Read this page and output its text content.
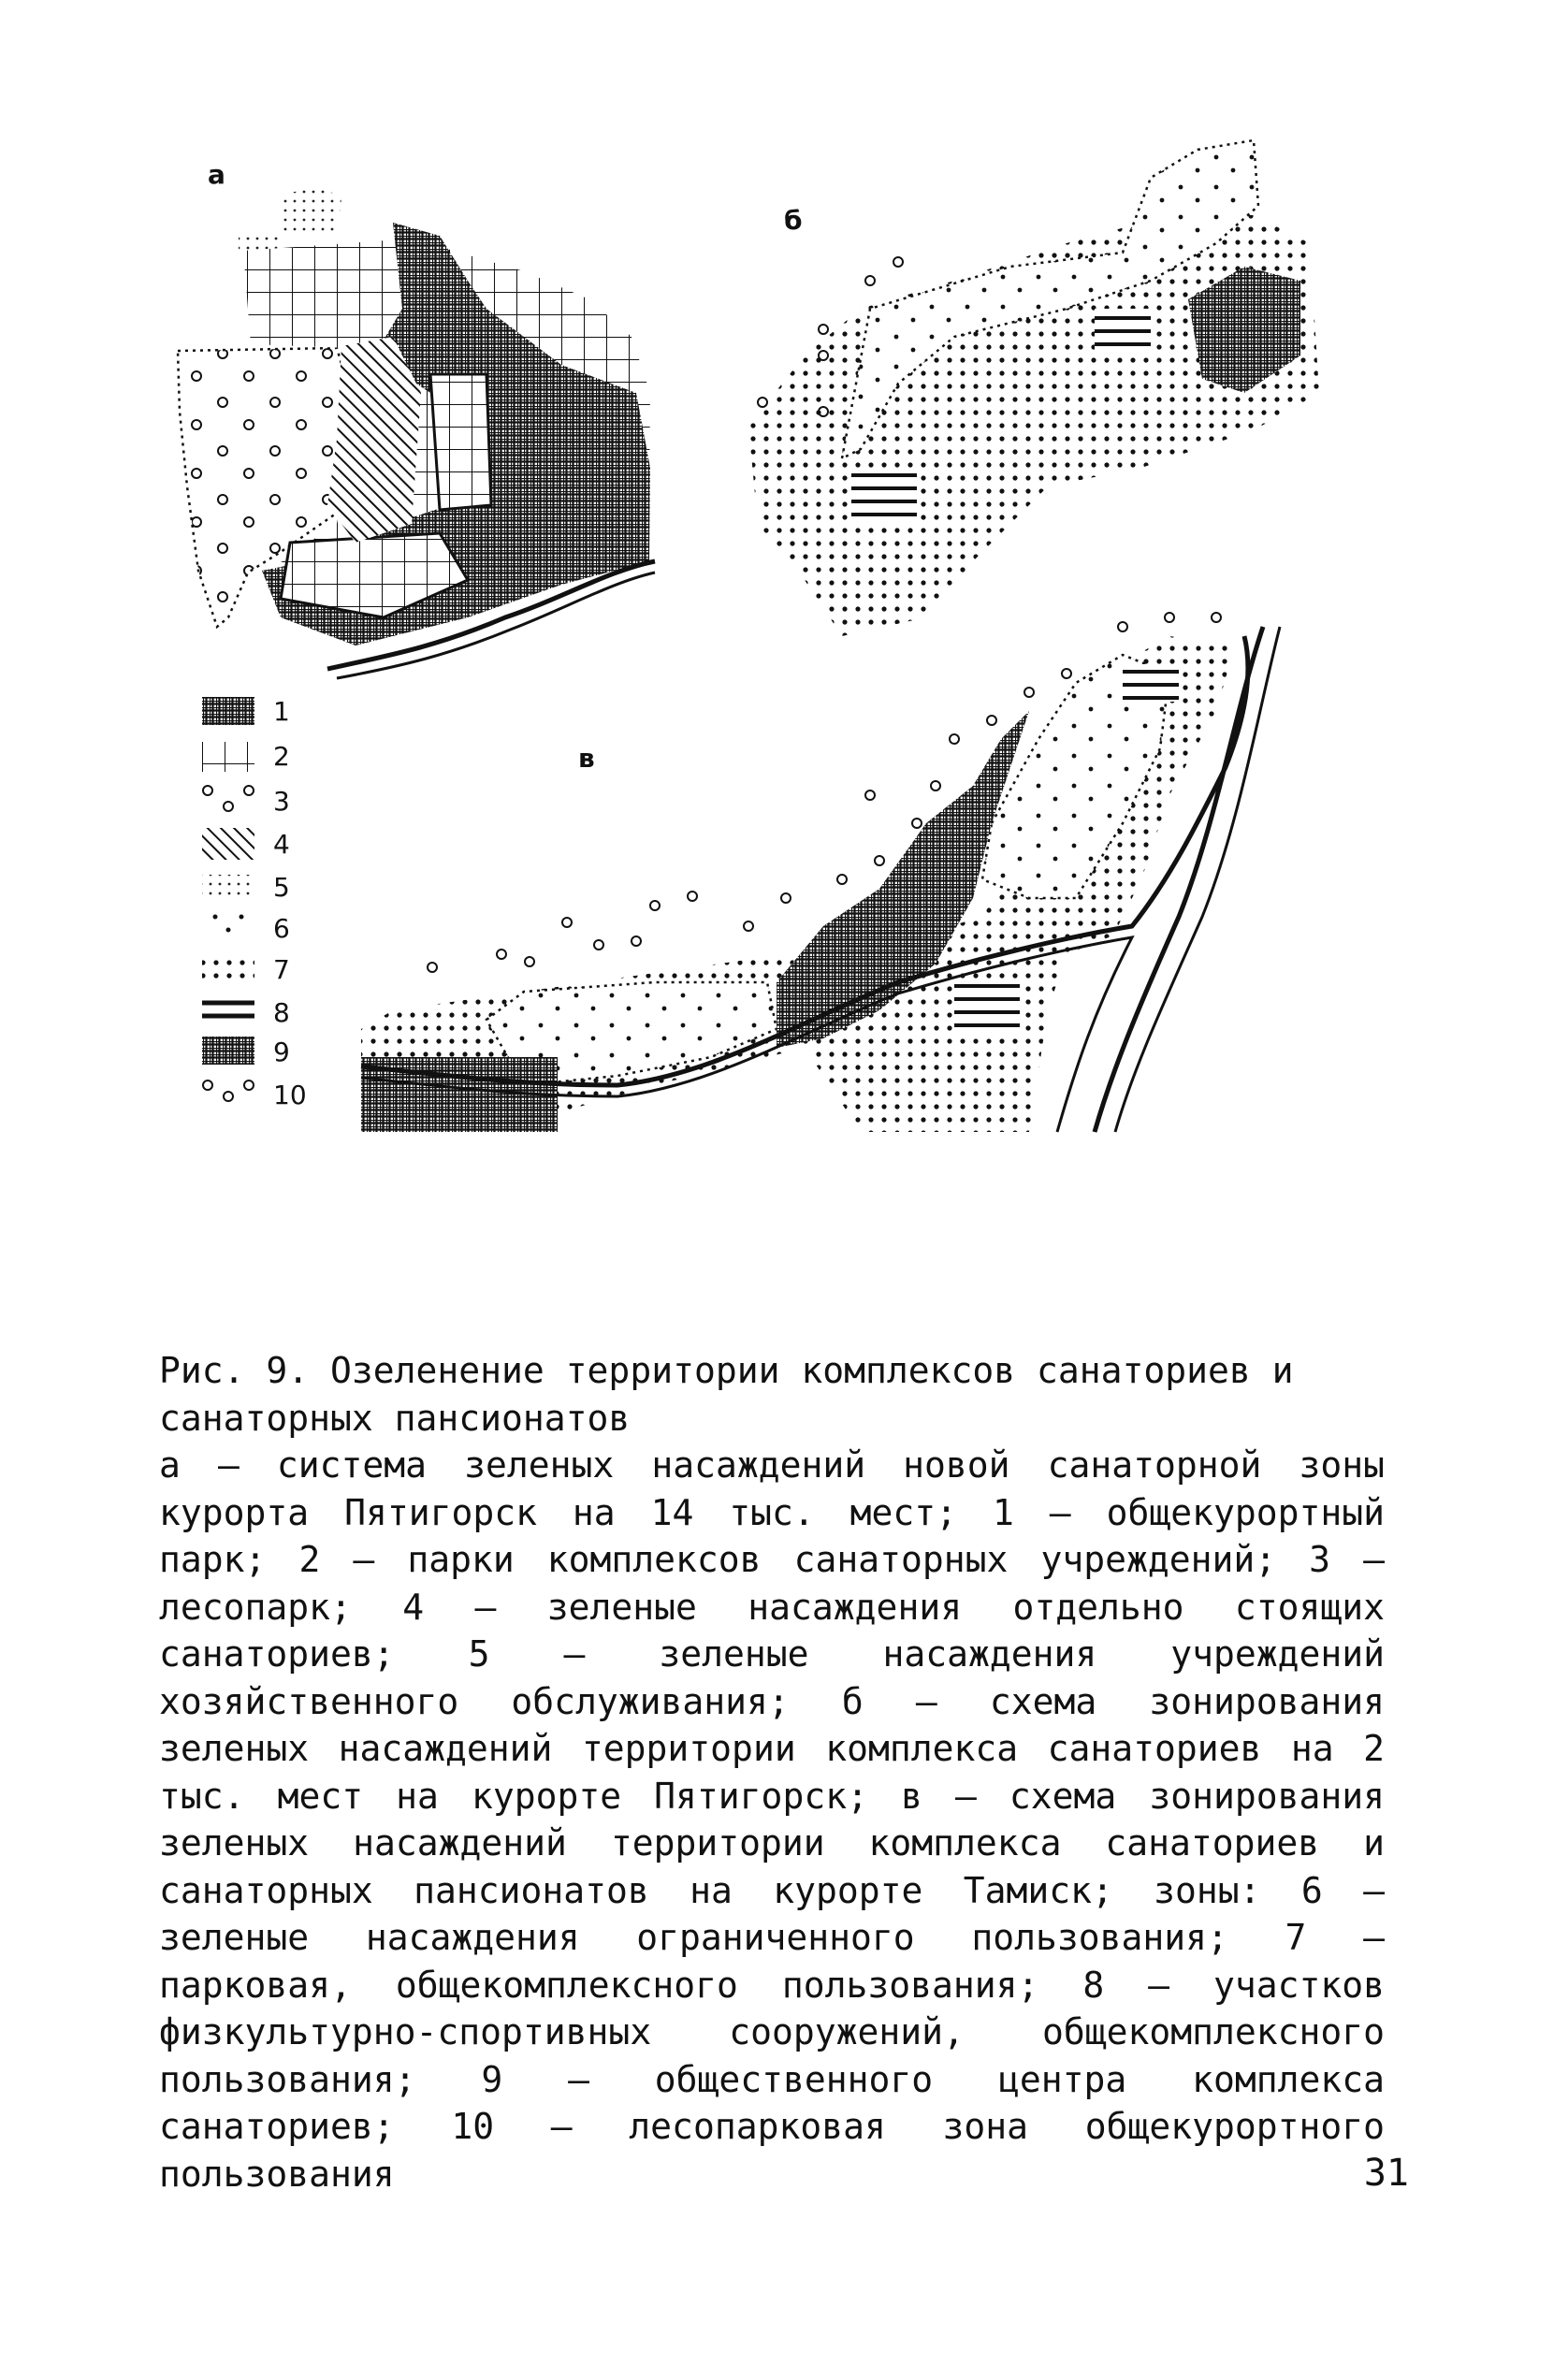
а
б
в
1
2
3
4
5
6
7
8
9
10

Рис. 9. Озеленение территории комплексов санаториев и санаторных пансионатов

а – система зеленых насаждений новой санаторной зоны курорта Пятигорск на 14 тыс. мест; 1 – общекурортный парк; 2 – парки комплексов санаторных учреждений; 3 – лесопарк; 4 – зеленые насаждения отдельно стоящих санаториев; 5 – зеленые насаждения учреждений хозяйственного обслуживания; б – схема зонирования зеленых насаждений территории комплекса санаториев на 2 тыс. мест на курорте Пятигорск; в – схема зонирования зеленых насаждений территории комплекса санаториев и санаторных пансионатов на курорте Тамиск; зоны: 6 – зеленые насаждения ограниченного пользования; 7 – парковая, общекомплексного пользования; 8 – участков физкультурно-спортивных сооружений, общекомплексного пользования; 9 – общественного центра комплекса санаториев; 10 – лесопарковая зона общекурортного пользования	31
